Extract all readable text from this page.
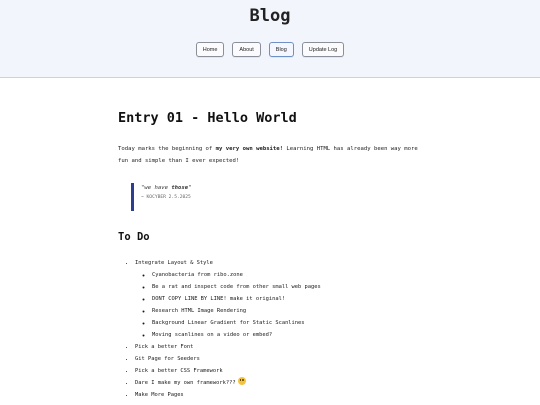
Blog
Home	About	Blog	Update Log
Entry 01 - Hello World

Today marks the beginning of my very own website! Learning HTML has already been way more fun and simple than I ever expected!

"we have those"
~ KOCYBER 2.5.2025
To Do
• Integrate Layout & Style
◦ Cyanobacteria from ribo.zone
◦ Be a rat and inspect code from other small web pages
◦ DONT COPY LINE BY LINE! make it original!
◦ Research HTML Image Rendering
◦ Background Linear Gradient for Static Scanlines
◦ Moving scanlines on a video or embed?
• Pick a better Font
• Git Page for Seeders
• Pick a better CSS Framework
• Dare I make my own framework???
• Make More Pages
